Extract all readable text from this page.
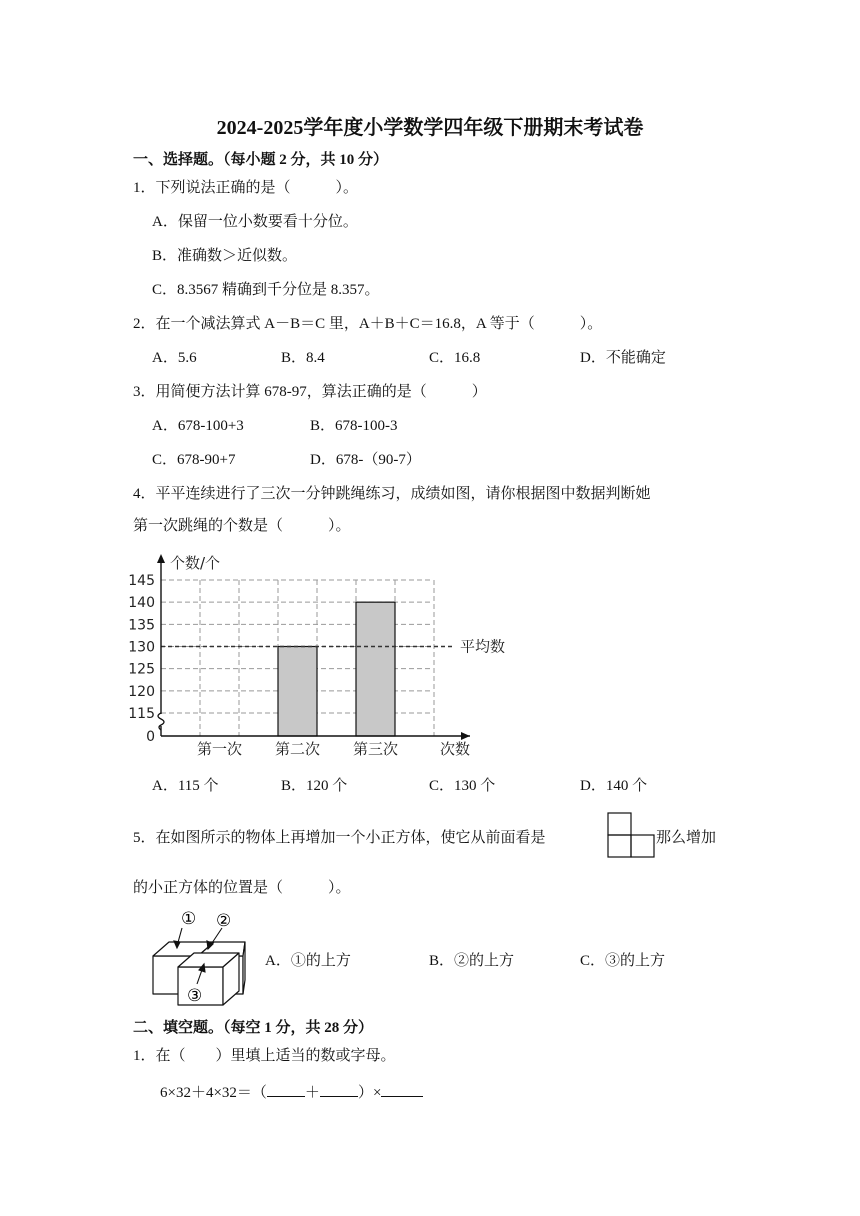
2024-2025学年度小学数学四年级下册期末考试卷
一、选择题。（每小题 2 分，共 10 分）
1．下列说法正确的是（　　　）。
A．保留一位小数要看十分位。
B．准确数＞近似数。
C．8.3567 精确到千分位是 8.357。
2．在一个减法算式 A－B＝C 里，A＋B＋C＝16.8，A 等于（　　　）。
A．5.6	B．8.4	C．16.8	D．不能确定
3．用简便方法计算 678-97，算法正确的是（　　　）
A．678-100+3	B．678-100-3
C．678-90+7	D．678-（90-7）
4．平平连续进行了三次一分钟跳绳练习，成绩如图，请你根据图中数据判断她
第一次跳绳的个数是（　　　）。
第一次 第二次 第三次
平均数
0
115
120
125
130
135
140
145
个数/个
次数
A．115 个	B．120 个	C．130 个	D．140 个
5．在如图所示的物体上再增加一个小正方体，使它从前面看是	那么增加
的小正方体的位置是（　　　）。
① ②
③
A．①的上方	B．②的上方	C．③的上方
二、填空题。（每空 1 分，共 28 分）
1．在（　　）里填上适当的数或字母。
6×32＋4×32＝（	＋	）×
